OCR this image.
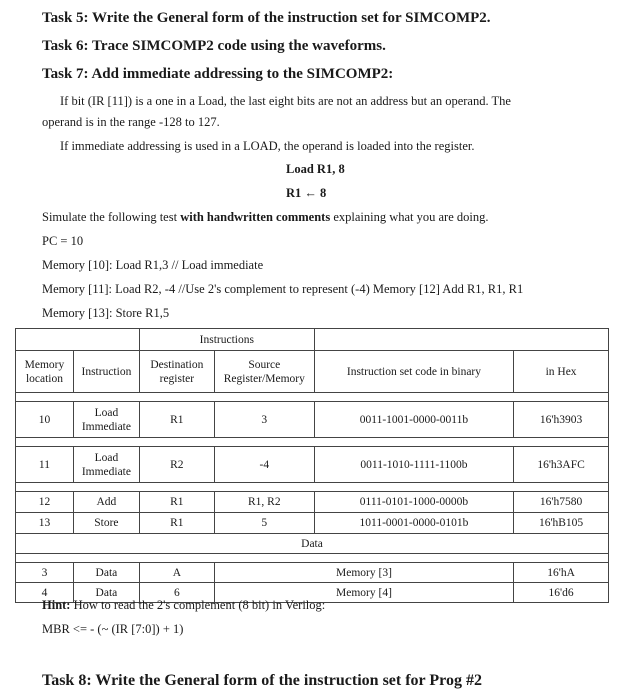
Task 5: Write the General form of the instruction set for SIMCOMP2.
Task 6: Trace SIMCOMP2 code using the waveforms.
Task 7: Add immediate addressing to the SIMCOMP2:
If bit (IR [11]) is a one in a Load, the last eight bits are not an address but an operand. The
operand is in the range -128 to 127.
If immediate addressing is used in a LOAD, the operand is loaded into the register.
Load R1, 8
R1 ← 8
Simulate the following test with handwritten comments explaining what you are doing.
PC = 10
Memory [10]: Load R1,3 // Load immediate
Memory [11]: Load R2, -4 //Use 2's complement to represent (-4) Memory [12] Add R1, R1, R1
Memory [13]: Store R1,5
		Instructions			
Memory
location	Instruction	Destination
register	Source
Register/Memory	Instruction set code in binary	in Hex

10	Load
Immediate	R1	3	0011-1001-0000-0011b	16'h3903

11	Load
Immediate	R2	-4	0011-1010-1111-1100b	16'h3AFC

12	Add	R1	R1, R2	0111-0101-1000-0000b	16'h7580
13	Store	R1	5	1011-0001-0000-0101b	16'hB105
Data					

3	Data	A	Memory [3]		16'hA
4	Data	6	Memory [4]		16'd6
Hint: How to read the 2's complement (8 bit) in Verilog:
MBR <= - (~ (IR [7:0]) + 1)
Task 8: Write the General form of the instruction set for Prog #2
